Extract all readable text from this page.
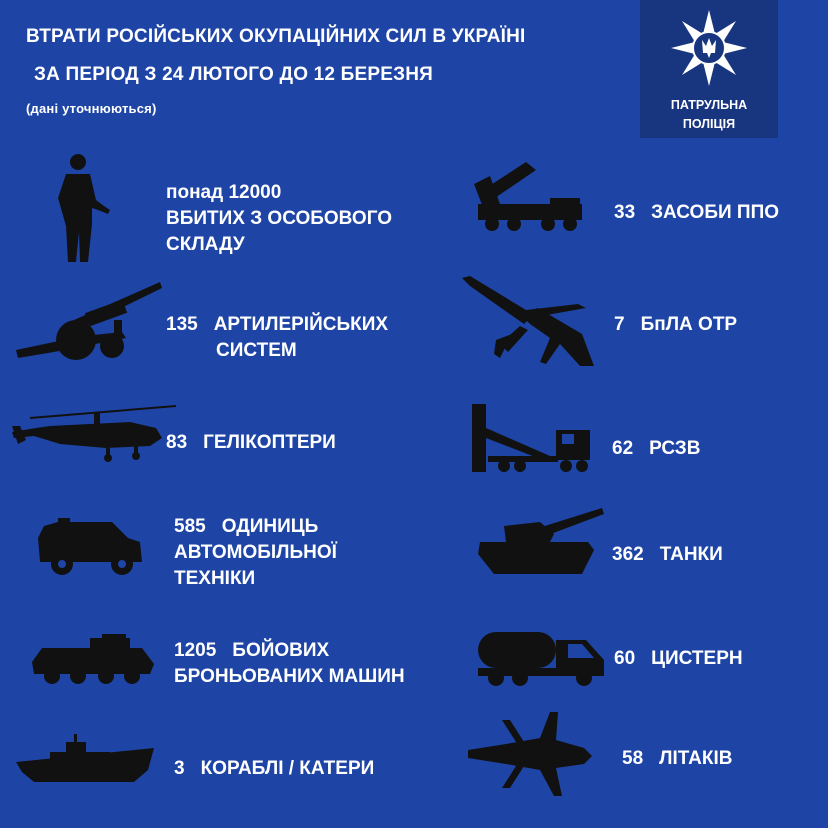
ВТРАТИ РОСІЙСЬКИХ ОКУПАЦІЙНИХ СИЛ В УКРАЇНІ
ЗА ПЕРІОД З 24 ЛЮТОГО ДО 12 БЕРЕЗНЯ
(дані уточнюються)	ПАТРУЛЬНА
ПОЛІЦІЯ
понад 12000
ВБИТИХ З ОСОБОВОГО
СКЛАДУ
135 АРТИЛЕРІЙСЬКИХ
СИСТЕМ
83 ГЕЛІКОПТЕРИ
585 ОДИНИЦЬ
АВТОМОБІЛЬНОЇ
ТЕХНІКИ
1205 БОЙОВИХ
БРОНЬОВАНИХ МАШИН
3 КОРАБЛІ / КАТЕРИ
33 ЗАСОБИ ППО
7 БпЛА ОТР
62 РСЗВ
362 ТАНКИ
60 ЦИСТЕРН
58 ЛІТАКІВ
